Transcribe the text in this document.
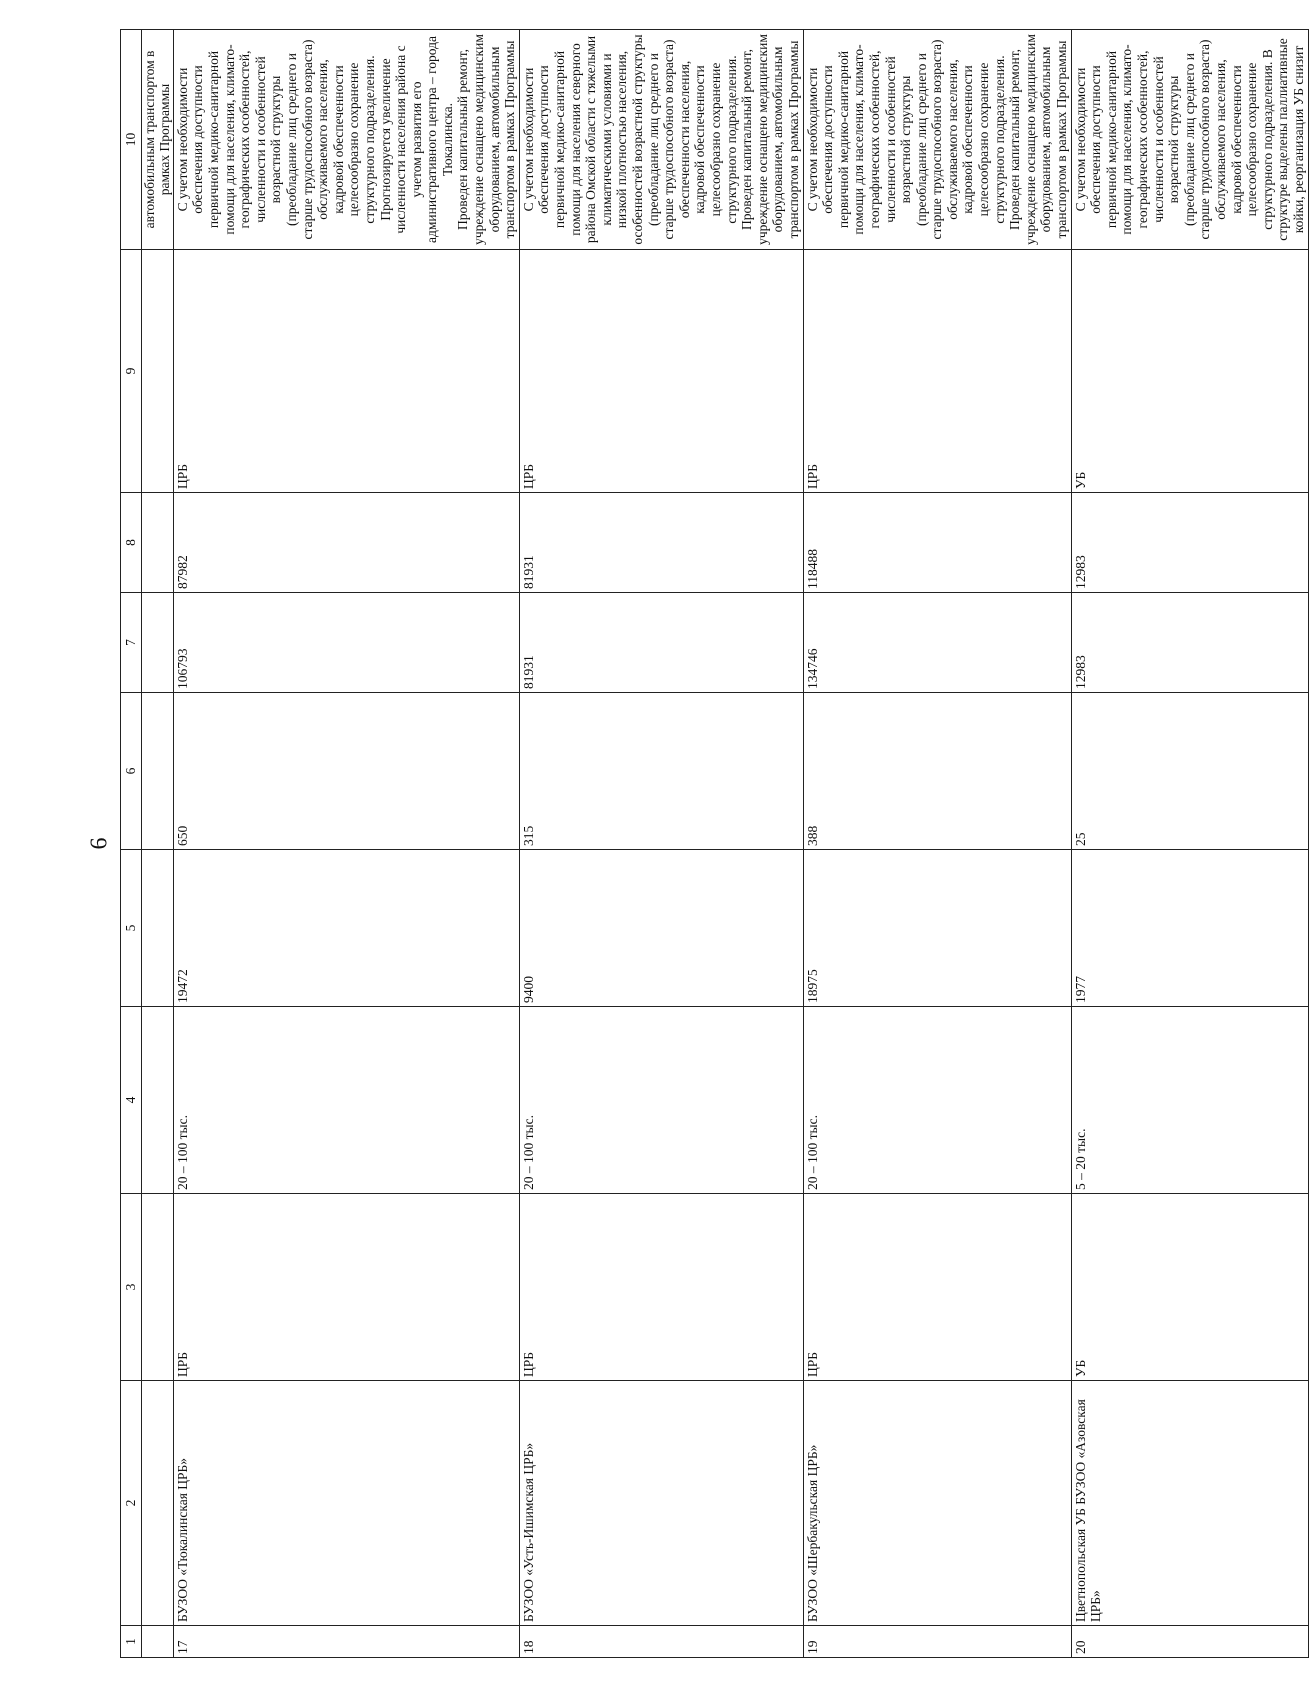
6
1	2	3	4	5	6	7	8	9	10
									автомобильным транспортом в рамках Программы
17	БУЗОО «Тюкалинская ЦРБ»	ЦРБ	20 – 100 тыс.	19472	650	106793	87982	ЦРБ	С учетом необходимости обеспечения доступности первичной медико-санитарной помощи для населения, климато-географических особенностей, численности и особенностей возрастной структуры (преобладание лиц среднего и старше трудоспособного возраста) обслуживаемого населения, кадровой обеспеченности целесообразно сохранение структурного подразделения. Прогнозируется увеличение численности населения района с учетом развития его административного центра – города Тюкалинска. Проведен капитальный ремонт, учреждение оснащено медицинским оборудованием, автомобильным транспортом в рамках Программы

18	БУЗОО «Усть-Ишимская ЦРБ»	ЦРБ	20 – 100 тыс.	9400	315	81931	81931	ЦРБ	С учетом необходимости обеспечения доступности первичной медико-санитарной помощи для населения северного района Омской области с тяжелыми климатическими условиями и низкой плотностью населения, особенностей возрастной структуры (преобладание лиц среднего и старше трудоспособного возраста) обеспеченности населения, кадровой обеспеченности целесообразно сохранение структурного подразделения. Проведен капитальный ремонт, учреждение оснащено медицинским оборудованием, автомобильным транспортом в рамках Программы

19	БУЗОО «Шербакульская ЦРБ»	ЦРБ	20 – 100 тыс.	18975	388	134746	118488	ЦРБ	С учетом необходимости обеспечения доступности первичной медико-санитарной помощи для населения, климато-географических особенностей, численности и особенностей возрастной структуры (преобладание лиц среднего и старше трудоспособного возраста) обслуживаемого населения, кадровой обеспеченности целесообразно сохранение структурного подразделения. Проведен капитальный ремонт, учреждение оснащено медицинским оборудованием, автомобильным транспортом в рамках Программы

20	Цветнопольская УБ БУЗОО «Азовская ЦРБ»	УБ	5 – 20 тыс.	1977	25	12983	12983	УБ	С учетом необходимости обеспечения доступности первичной медико-санитарной помощи для населения, климато-географических особенностей, численности и особенностей возрастной структуры (преобладание лиц среднего и старше трудоспособного возраста) обслуживаемого населения, кадровой обеспеченности целесообразно сохранение структурного подразделения. В структуре выделены паллиативные койки, реорганизация УБ снизит
